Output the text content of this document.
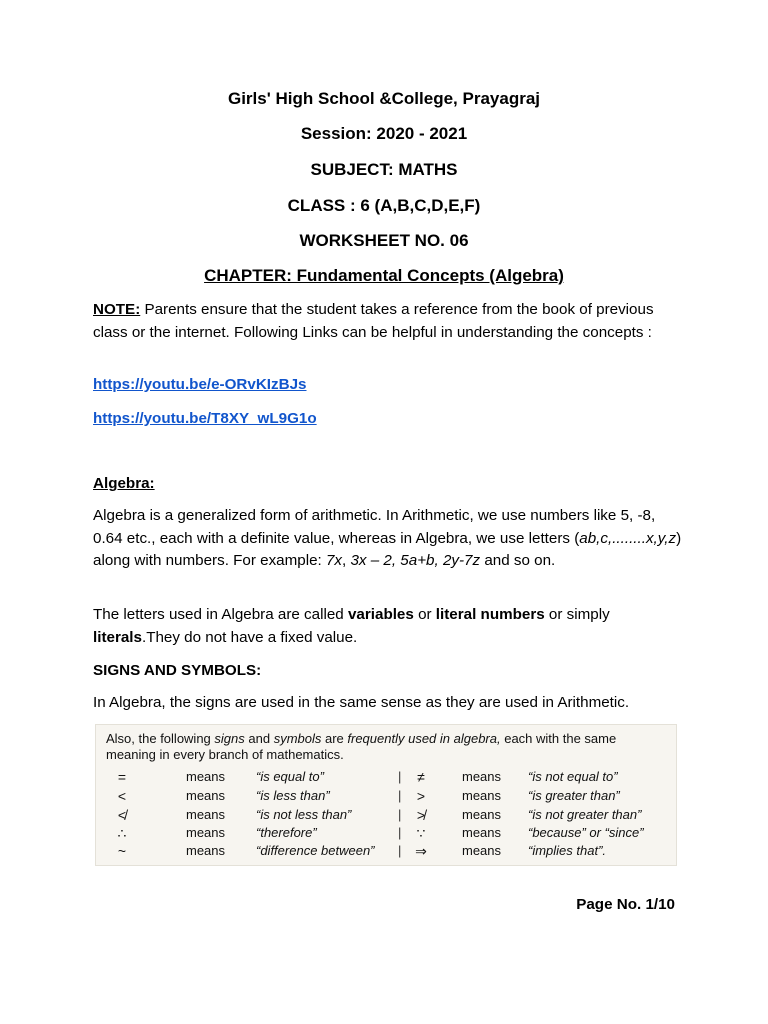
Girls' High School &College, Prayagraj
Session: 2020 - 2021
SUBJECT: MATHS
CLASS : 6 (A,B,C,D,E,F)
WORKSHEET NO. 06
CHAPTER: Fundamental Concepts (Algebra)
NOTE: Parents ensure that the student takes a reference from the book of previous class or the internet. Following Links can be helpful in understanding the concepts :
https://youtu.be/e-ORvKIzBJs
https://youtu.be/T8XY_wL9G1o
Algebra:
Algebra is a generalized form of arithmetic. In Arithmetic, we use numbers like 5, -8, 0.64 etc., each with a definite value, whereas in Algebra, we use letters (ab,c,........x,y,z) along with numbers. For example: 7x, 3x – 2, 5a+b, 2y-7z and so on.
The letters used in Algebra are called variables or literal numbers or simply literals.They do not have a fixed value.
SIGNS AND SYMBOLS:
In Algebra, the signs are used in the same sense as they are used in Arithmetic.
Also, the following signs and symbols are frequently used in algebra, each with the same meaning in every branch of mathematics.
=	means “is equal to”	|	≠	means “is not equal to”
<	means “is less than”	|	>	means “is greater than”
≮	means “is not less than”	|	≯	means “is not greater than”
∴	means “therefore”	|	∵	means “because” or “since”
~	means “difference between” | ⇒	means “implies that”.
Page No. 1/10
